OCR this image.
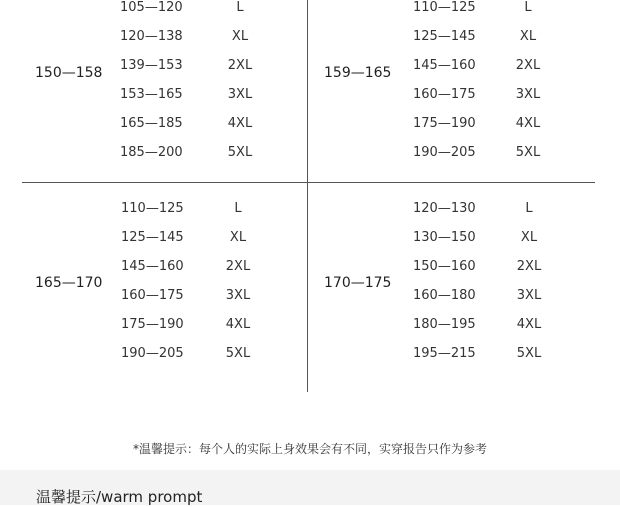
150—158
105—120	L
120—138	XL
139—153	2XL
153—165	3XL
165—185	4XL
185—200	5XL
159—165
110—125	L
125—145	XL
145—160	2XL
160—175	3XL
175—190	4XL
190—205	5XL
165—170
110—125	L
125—145	XL
145—160	2XL
160—175	3XL
175—190	4XL
190—205	5XL
170—175
120—130	L
130—150	XL
150—160	2XL
160—180	3XL
180—195	4XL
195—215	5XL
*温馨提示：每个人的实际上身效果会有不同，实穿报告只作为参考
温馨提示/warm prompt
